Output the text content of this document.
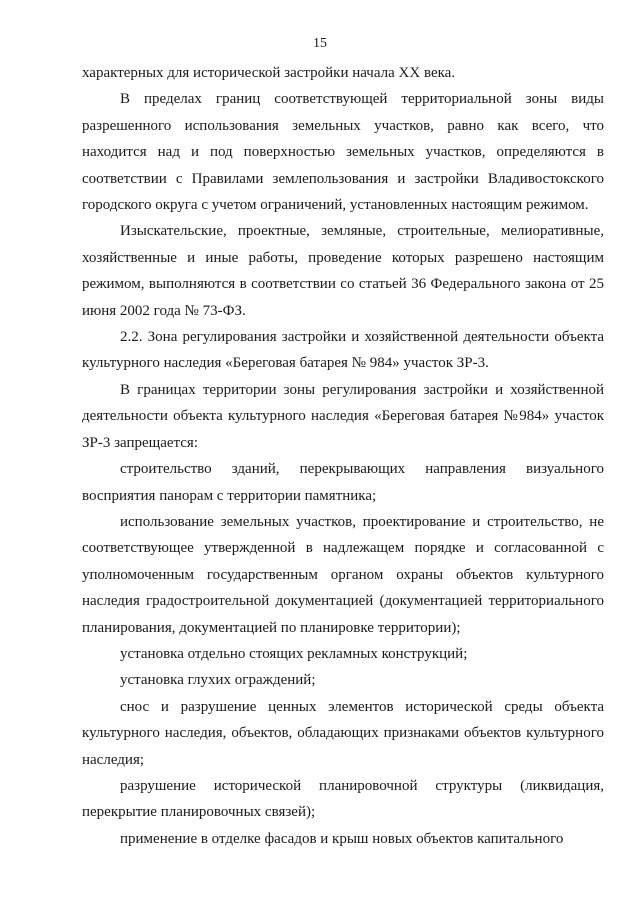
15

характерных для исторической застройки начала XX века.

В пределах границ соответствующей территориальной зоны виды разрешенного использования земельных участков, равно как всего, что находится над и под поверхностью земельных участков, определяются в соответствии с Правилами землепользования и застройки Владивостокского городского округа с учетом ограничений, установленных настоящим режимом.

Изыскательские, проектные, земляные, строительные, мелиоративные, хозяйственные и иные работы, проведение которых разрешено настоящим режимом, выполняются в соответствии со статьей 36 Федерального закона от 25 июня 2002 года № 73-ФЗ.

2.2. Зона регулирования застройки и хозяйственной деятельности объекта культурного наследия «Береговая батарея № 984» участок ЗР-3.

В границах территории зоны регулирования застройки и хозяйственной деятельности объекта культурного наследия «Береговая батарея №984» участок ЗР-3 запрещается:

строительство зданий, перекрывающих направления визуального восприятия панорам с территории памятника;

использование земельных участков, проектирование и строительство, не соответствующее утвержденной в надлежащем порядке и согласованной с уполномоченным государственным органом охраны объектов культурного наследия градостроительной документацией (документацией территориального планирования, документацией по планировке территории);

установка отдельно стоящих рекламных конструкций;

установка глухих ограждений;

снос и разрушение ценных элементов исторической среды объекта культурного наследия, объектов, обладающих признаками объектов культурного наследия;

разрушение исторической планировочной структуры (ликвидация, перекрытие планировочных связей);

применение в отделке фасадов и крыш новых объектов капитального
